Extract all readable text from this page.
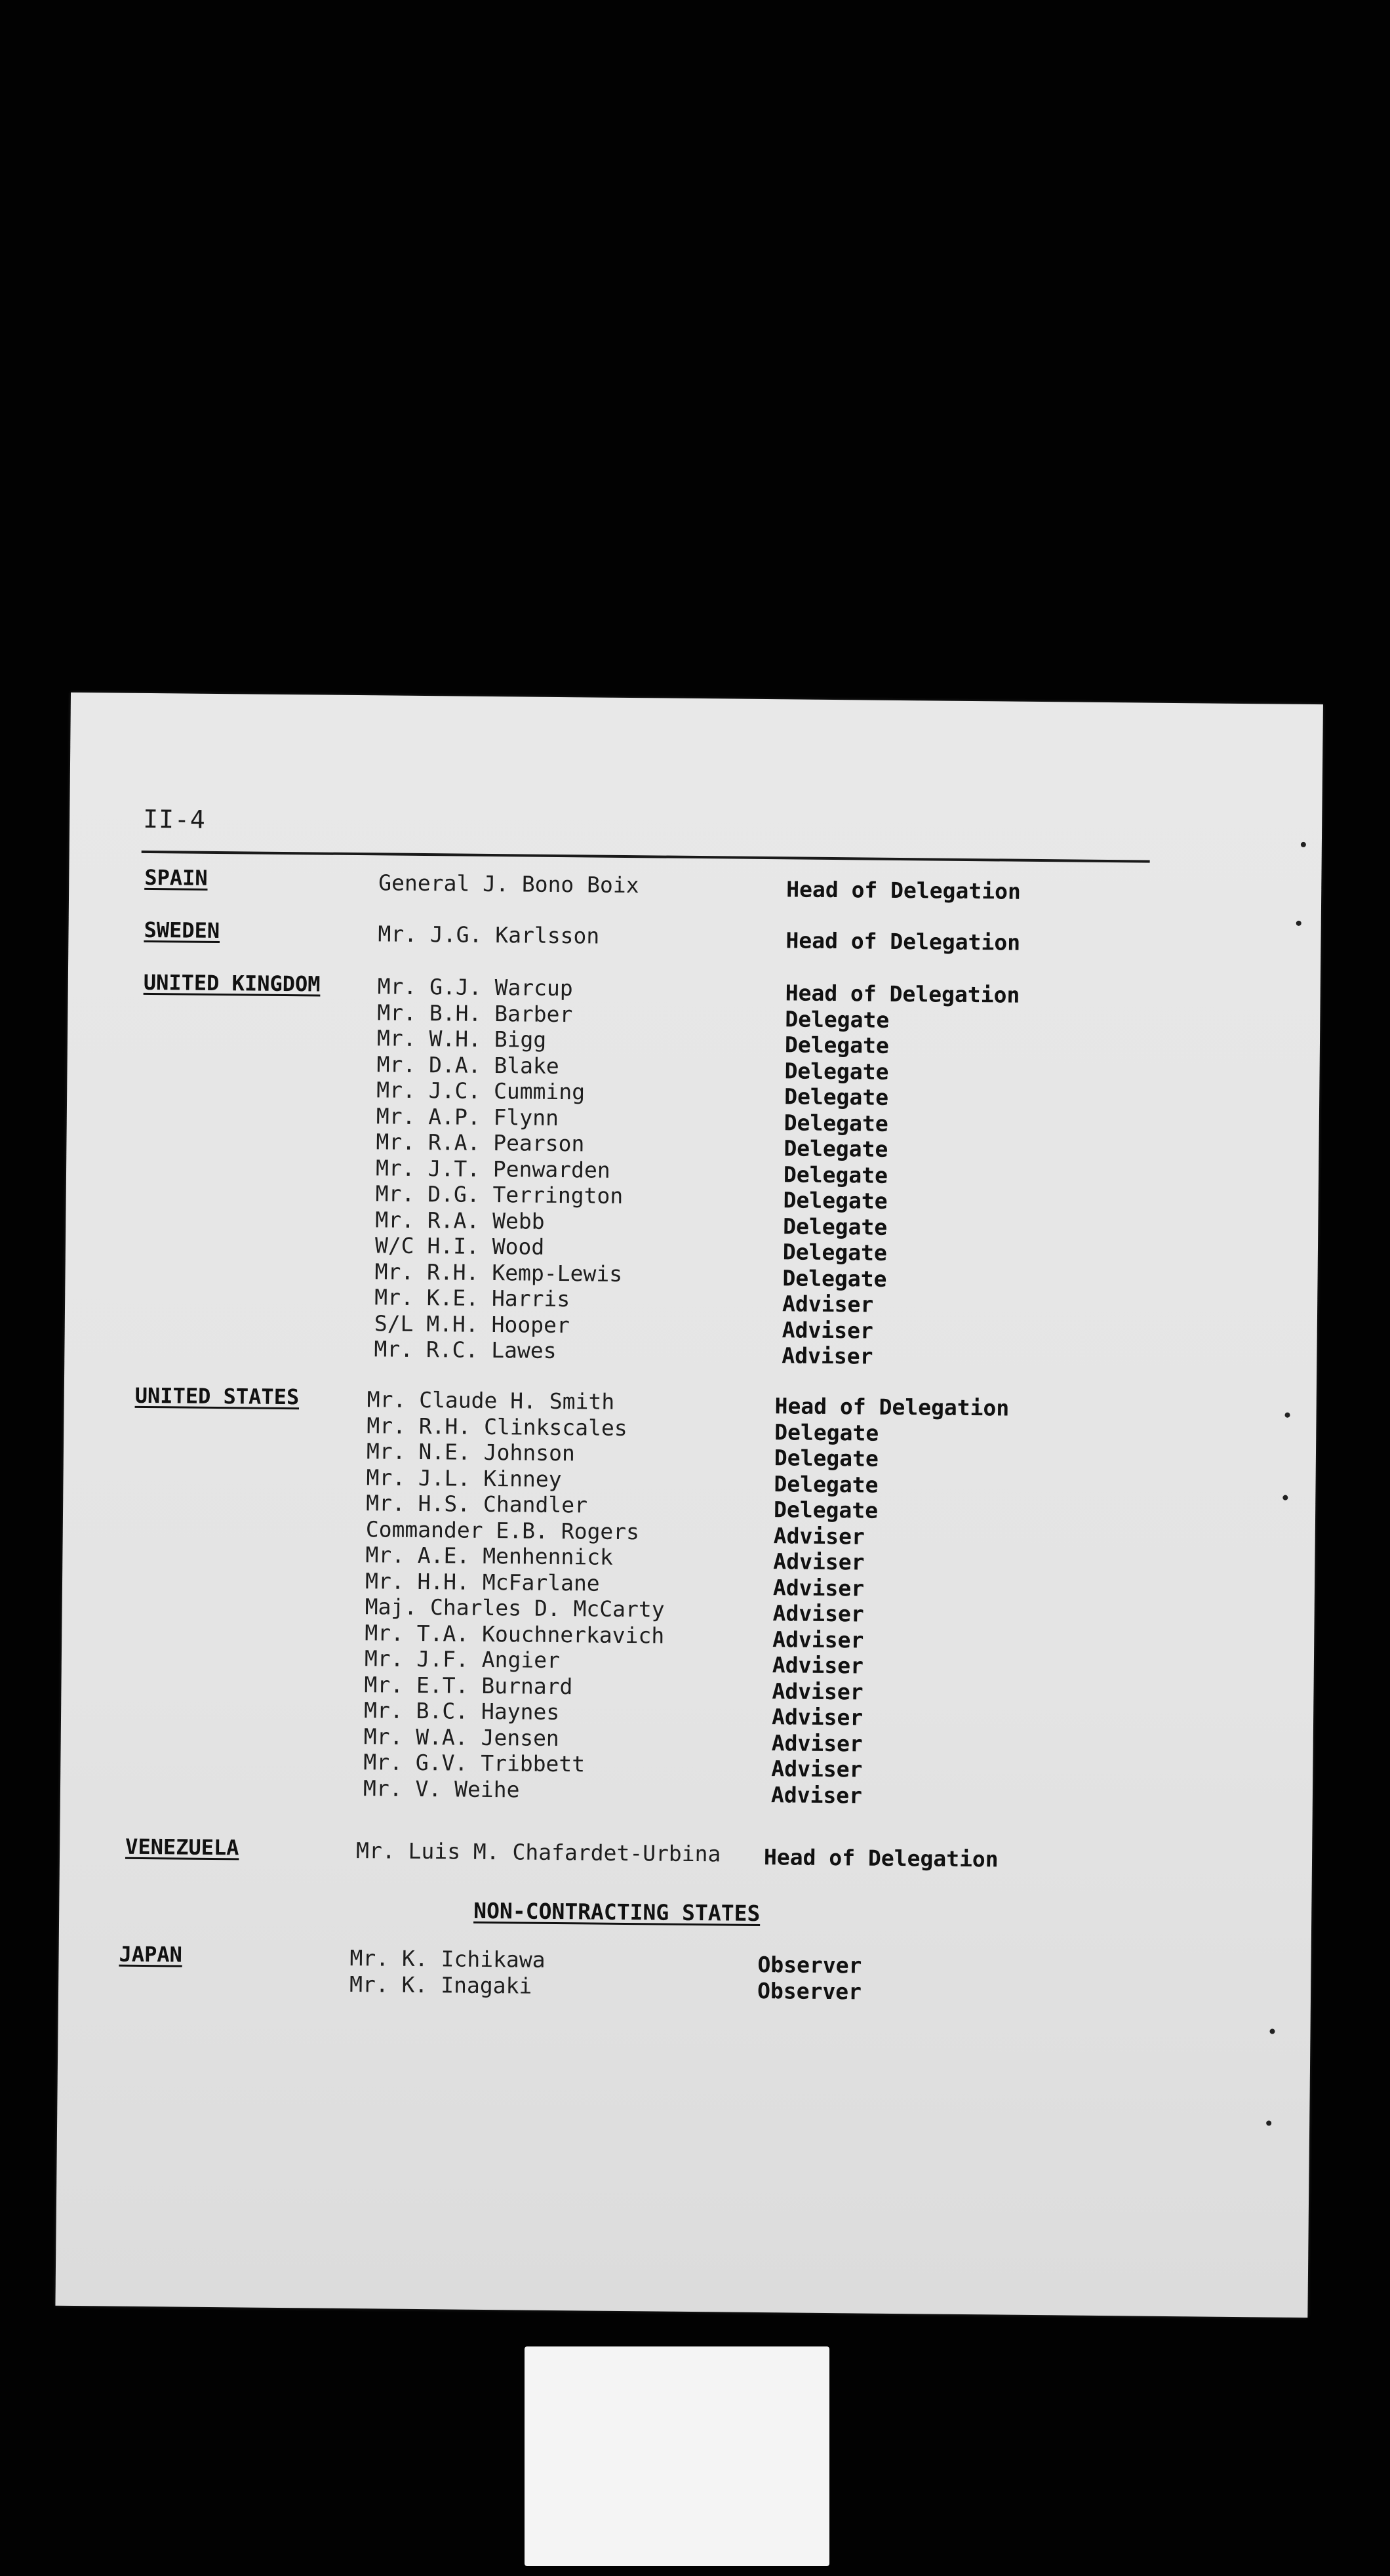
II-4
SPAIN	General J. Bono Boix	Head of Delegation
SWEDEN	Mr. J.G. Karlsson	Head of Delegation
UNITED KINGDOM	Mr. G.J. Warcup	Head of Delegation
Mr. B.H. Barber	Delegate
Mr. W.H. Bigg	Delegate
Mr. D.A. Blake	Delegate
Mr. J.C. Cumming	Delegate
Mr. A.P. Flynn	Delegate
Mr. R.A. Pearson	Delegate
Mr. J.T. Penwarden	Delegate
Mr. D.G. Terrington	Delegate
Mr. R.A. Webb	Delegate
W/C H.I. Wood	Delegate
Mr. R.H. Kemp-Lewis	Delegate
Mr. K.E. Harris	Adviser
S/L M.H. Hooper	Adviser
Mr. R.C. Lawes	Adviser
UNITED STATES	Mr. Claude H. Smith	Head of Delegation
Mr. R.H. Clinkscales	Delegate
Mr. N.E. Johnson	Delegate
Mr. J.L. Kinney	Delegate
Mr. H.S. Chandler	Delegate
Commander E.B. Rogers	Adviser
Mr. A.E. Menhennick	Adviser
Mr. H.H. McFarlane	Adviser
Maj. Charles D. McCarty	Adviser
Mr. T.A. Kouchnerkavich	Adviser
Mr. J.F. Angier	Adviser
Mr. E.T. Burnard	Adviser
Mr. B.C. Haynes	Adviser
Mr. W.A. Jensen	Adviser
Mr. G.V. Tribbett	Adviser
Mr. V. Weihe	Adviser
VENEZUELA	Mr. Luis M. Chafardet-Urbina Head of Delegation
NON-CONTRACTING STATES
JAPAN	Mr. K. Ichikawa	Observer
Mr. K. Inagaki	Observer
